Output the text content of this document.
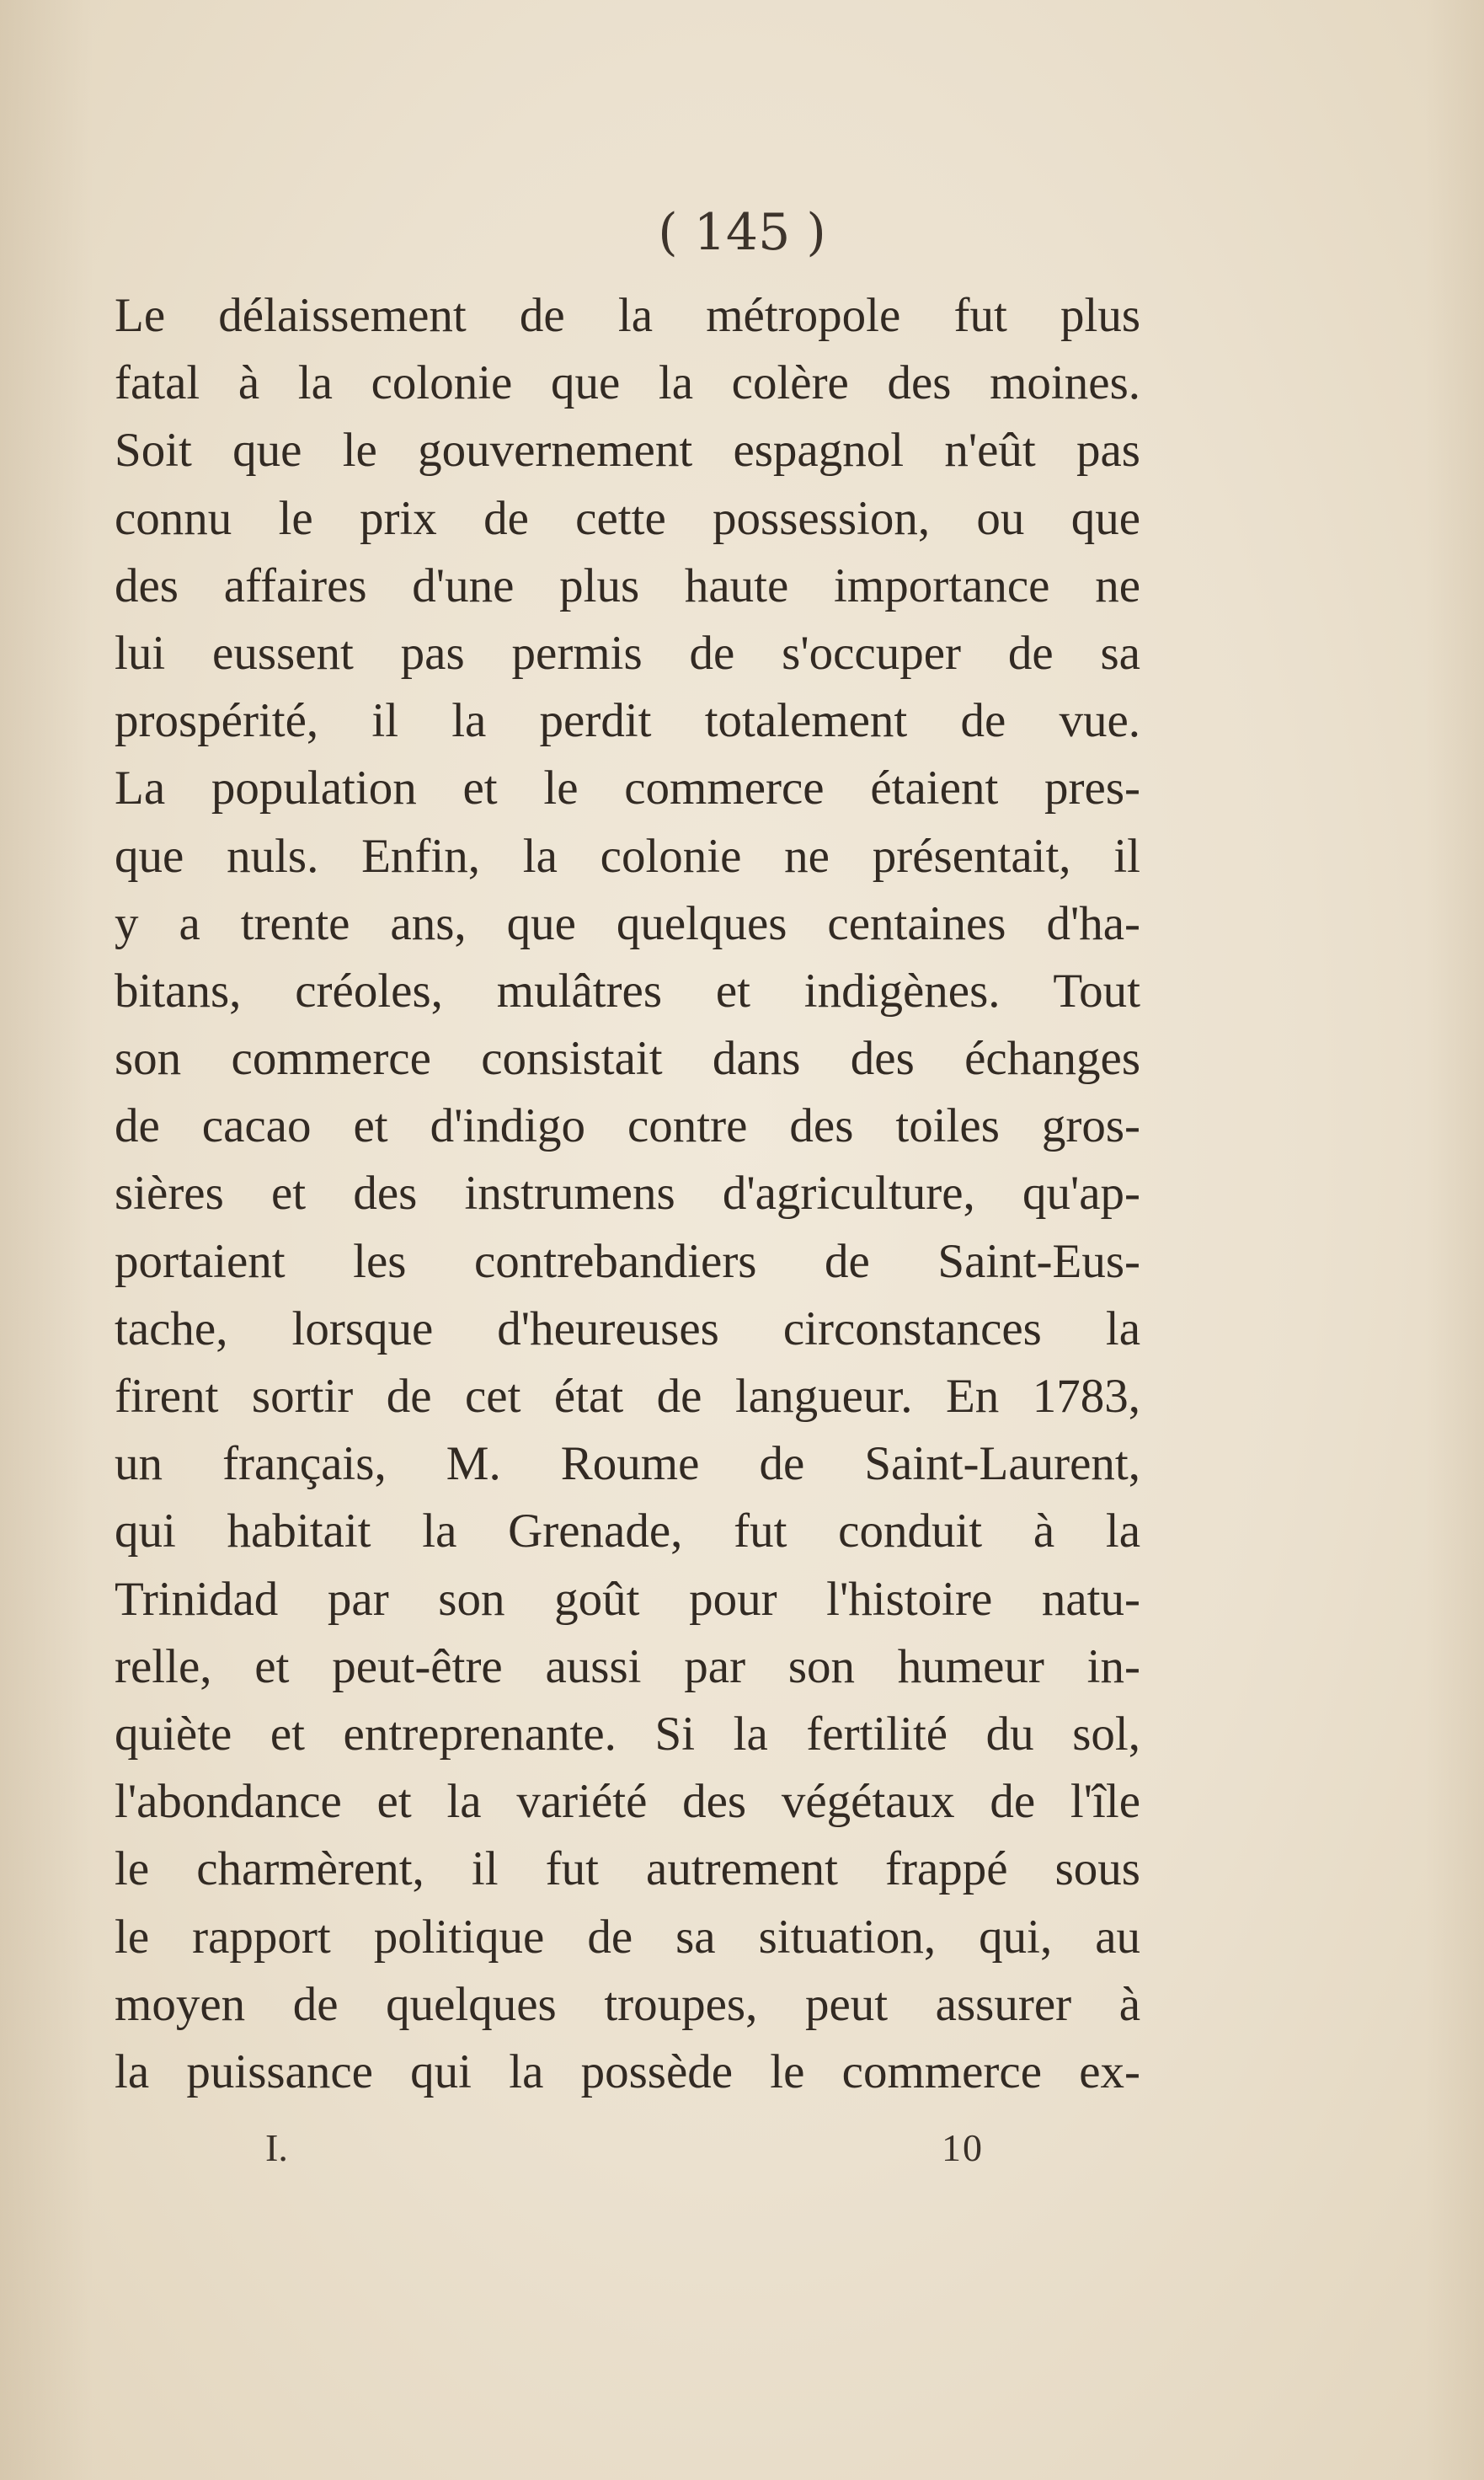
( 145 )
Le délaissement de la métropole fut plus
fatal à la colonie que la colère des moines.
Soit que le gouvernement espagnol n'eût pas
connu le prix de cette possession, ou que
des affaires d'une plus haute importance ne
lui eussent pas permis de s'occuper de sa
prospérité, il la perdit totalement de vue.
La population et le commerce étaient pres-
que nuls. Enfin, la colonie ne présentait, il
y a trente ans, que quelques centaines d'ha-
bitans, créoles, mulâtres et indigènes. Tout
son commerce consistait dans des échanges
de cacao et d'indigo contre des toiles gros-
sières et des instrumens d'agriculture, qu'ap-
portaient les contrebandiers de Saint-Eus-
tache, lorsque d'heureuses circonstances la
firent sortir de cet état de langueur. En 1783,
un français, M. Roume de Saint-Laurent,
qui habitait la Grenade, fut conduit à la
Trinidad par son goût pour l'histoire natu-
relle, et peut-être aussi par son humeur in-
quiète et entreprenante. Si la fertilité du sol,
l'abondance et la variété des végétaux de l'île
le charmèrent, il fut autrement frappé sous
le rapport politique de sa situation, qui, au
moyen de quelques troupes, peut assurer à
la puissance qui la possède le commerce ex-
I.	10
